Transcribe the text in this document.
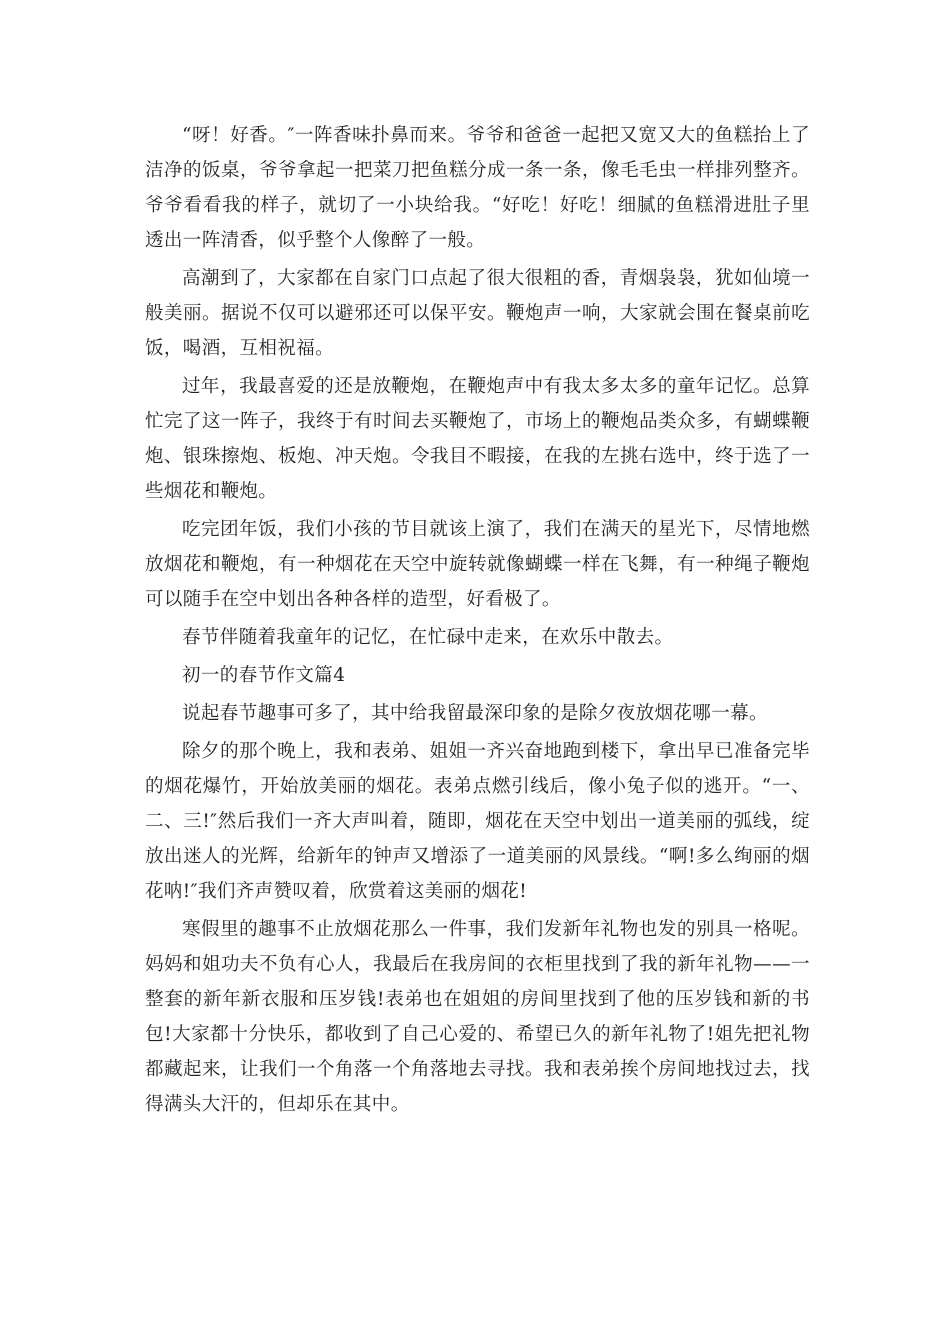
“呀！好香。″一阵香味扑鼻而来。爷爷和爸爸一起把又宽又大的鱼糕抬上了洁净的饭桌，爷爷拿起一把菜刀把鱼糕分成一条一条，像毛毛虫一样排列整齐。爷爷看看我的样子，就切了一小块给我。“好吃！好吃！细腻的鱼糕滑进肚子里透出一阵清香，似乎整个人像醉了一般。

高潮到了，大家都在自家门口点起了很大很粗的香，青烟袅袅，犹如仙境一般美丽。据说不仅可以避邪还可以保平安。鞭炮声一响，大家就会围在餐桌前吃饭，喝酒，互相祝福。

过年，我最喜爱的还是放鞭炮，在鞭炮声中有我太多太多的童年记忆。总算忙完了这一阵子，我终于有时间去买鞭炮了，市场上的鞭炮品类众多，有蝴蝶鞭炮、银珠擦炮、板炮、冲天炮。令我目不暇接，在我的左挑右选中，终于选了一些烟花和鞭炮。

吃完团年饭，我们小孩的节目就该上演了，我们在满天的星光下，尽情地燃放烟花和鞭炮，有一种烟花在天空中旋转就像蝴蝶一样在飞舞，有一种绳子鞭炮可以随手在空中划出各种各样的造型，好看极了。

春节伴随着我童年的记忆，在忙碌中走来，在欢乐中散去。

初一的春节作文篇4

说起春节趣事可多了，其中给我留最深印象的是除夕夜放烟花哪一幕。

除夕的那个晚上，我和表弟、姐姐一齐兴奋地跑到楼下，拿出早已准备完毕的烟花爆竹，开始放美丽的烟花。表弟点燃引线后，像小兔子似的逃开。“一、二、三!″然后我们一齐大声叫着，随即，烟花在天空中划出一道美丽的弧线，绽放出迷人的光辉，给新年的钟声又增添了一道美丽的风景线。“啊!多么绚丽的烟花呐!″我们齐声赞叹着，欣赏着这美丽的烟花!

寒假里的趣事不止放烟花那么一件事，我们发新年礼物也发的别具一格呢。妈妈和姐功夫不负有心人，我最后在我房间的衣柜里找到了我的新年礼物——一整套的新年新衣服和压岁钱!表弟也在姐姐的房间里找到了他的压岁钱和新的书包!大家都十分快乐，都收到了自己心爱的、希望已久的新年礼物了!姐先把礼物都藏起来，让我们一个角落一个角落地去寻找。我和表弟挨个房间地找过去，找得满头大汗的，但却乐在其中。
